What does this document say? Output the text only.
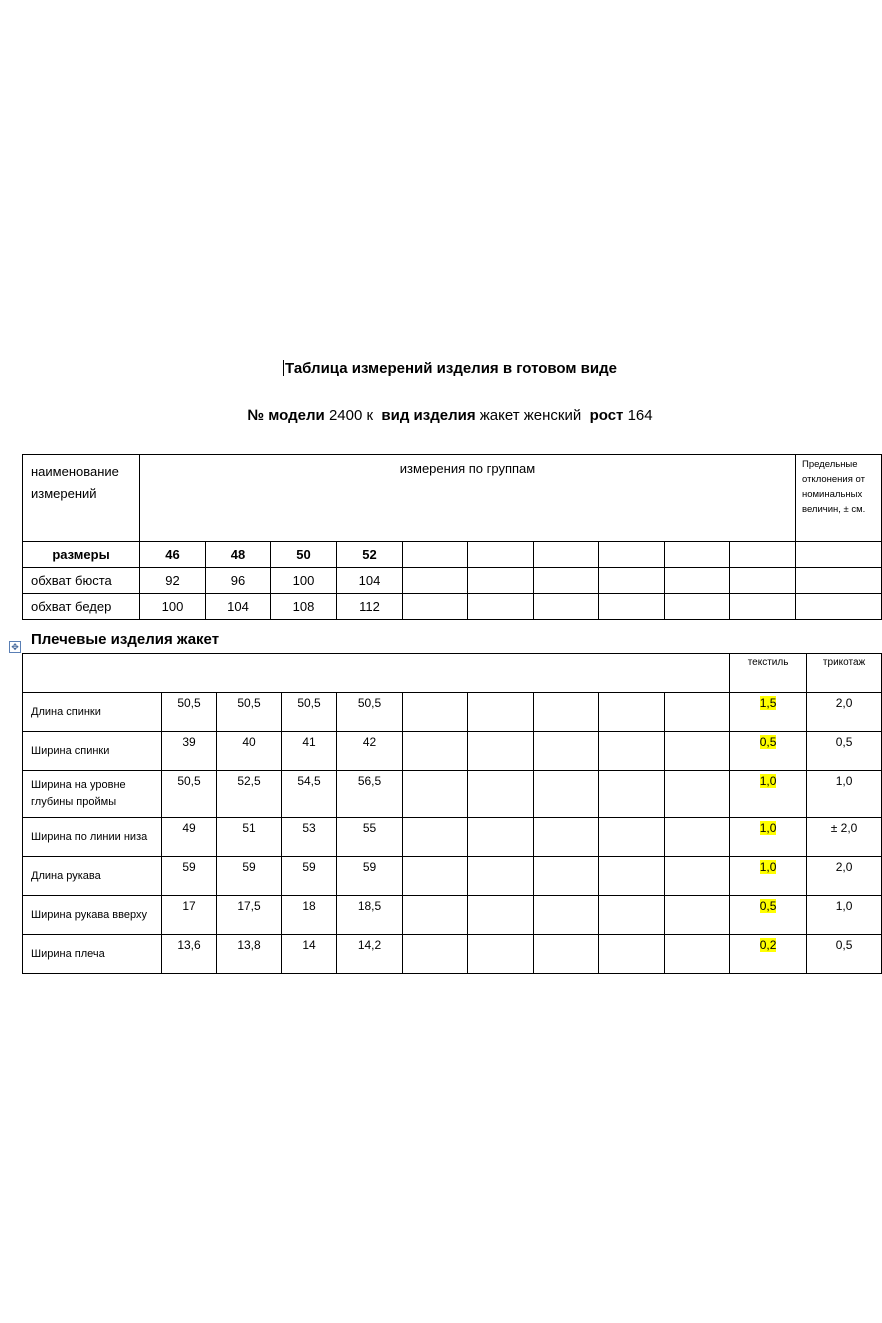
Таблица измерений изделия в готовом виде
№ модели 2400 к вид изделия жакет женский рост 164
наименование измерений	измерения по группам										Предельные отклонения от номинальных величин, ± см.
размеры	46	48	50	52							
обхват бюста	92	96	100	104							
обхват бедер	100	104	108	112							
✥ Плечевые изделия жакет
										текстиль	трикотаж
Длина спинки	50,5	50,5	50,5	50,5						1,5	2,0
Ширина спинки	39	40	41	42						0,5	0,5
Ширина на уровне глубины проймы	50,5	52,5	54,5	56,5						1,0	1,0
Ширина по линии низа	49	51	53	55						1,0	± 2,0
Длина рукава	59	59	59	59						1,0	2,0
Ширина рукава вверху	17	17,5	18	18,5						0,5	1,0
Ширина плеча	13,6	13,8	14	14,2						0,2	0,5
